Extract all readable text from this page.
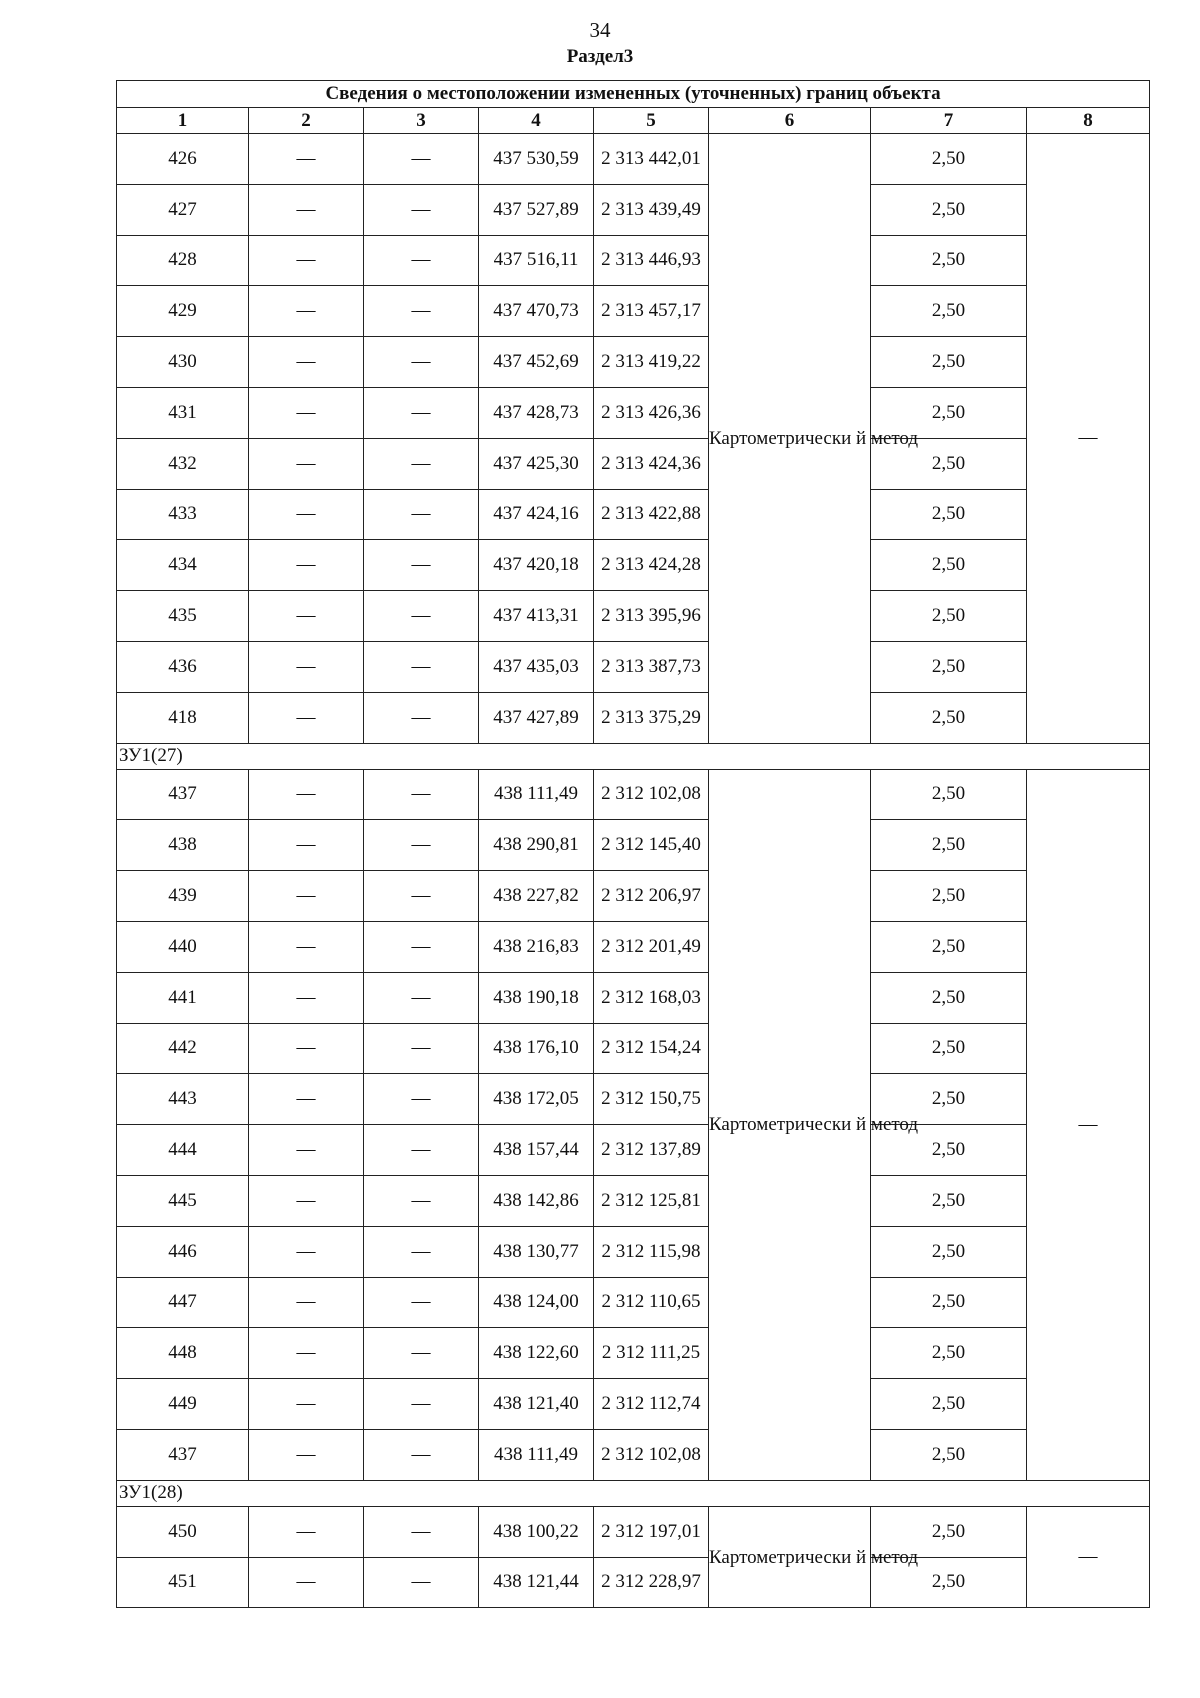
34
Раздел3
Сведения о местоположении измененных (уточненных) границ объекта							
1	2	3	4	5	6	7	8
426	—	—	437 530,59	2 313 442,01	Картометрически й метод	2,50	—
427	—	—	437 527,89	2 313 439,49		2,50	
428	—	—	437 516,11	2 313 446,93		2,50	
429	—	—	437 470,73	2 313 457,17		2,50	
430	—	—	437 452,69	2 313 419,22		2,50	
431	—	—	437 428,73	2 313 426,36		2,50	
432	—	—	437 425,30	2 313 424,36		2,50	
433	—	—	437 424,16	2 313 422,88		2,50	
434	—	—	437 420,18	2 313 424,28		2,50	
435	—	—	437 413,31	2 313 395,96		2,50	
436	—	—	437 435,03	2 313 387,73		2,50	
418	—	—	437 427,89	2 313 375,29		2,50	
ЗУ1(27)							
437	—	—	438 111,49	2 312 102,08	Картометрически й метод	2,50	—
438	—	—	438 290,81	2 312 145,40		2,50	
439	—	—	438 227,82	2 312 206,97		2,50	
440	—	—	438 216,83	2 312 201,49		2,50	
441	—	—	438 190,18	2 312 168,03		2,50	
442	—	—	438 176,10	2 312 154,24		2,50	
443	—	—	438 172,05	2 312 150,75		2,50	
444	—	—	438 157,44	2 312 137,89		2,50	
445	—	—	438 142,86	2 312 125,81		2,50	
446	—	—	438 130,77	2 312 115,98		2,50	
447	—	—	438 124,00	2 312 110,65		2,50	
448	—	—	438 122,60	2 312 111,25		2,50	
449	—	—	438 121,40	2 312 112,74		2,50	
437	—	—	438 111,49	2 312 102,08		2,50	
ЗУ1(28)							
450	—	—	438 100,22	2 312 197,01	Картометрически й метод	2,50	—
451	—	—	438 121,44	2 312 228,97		2,50	
